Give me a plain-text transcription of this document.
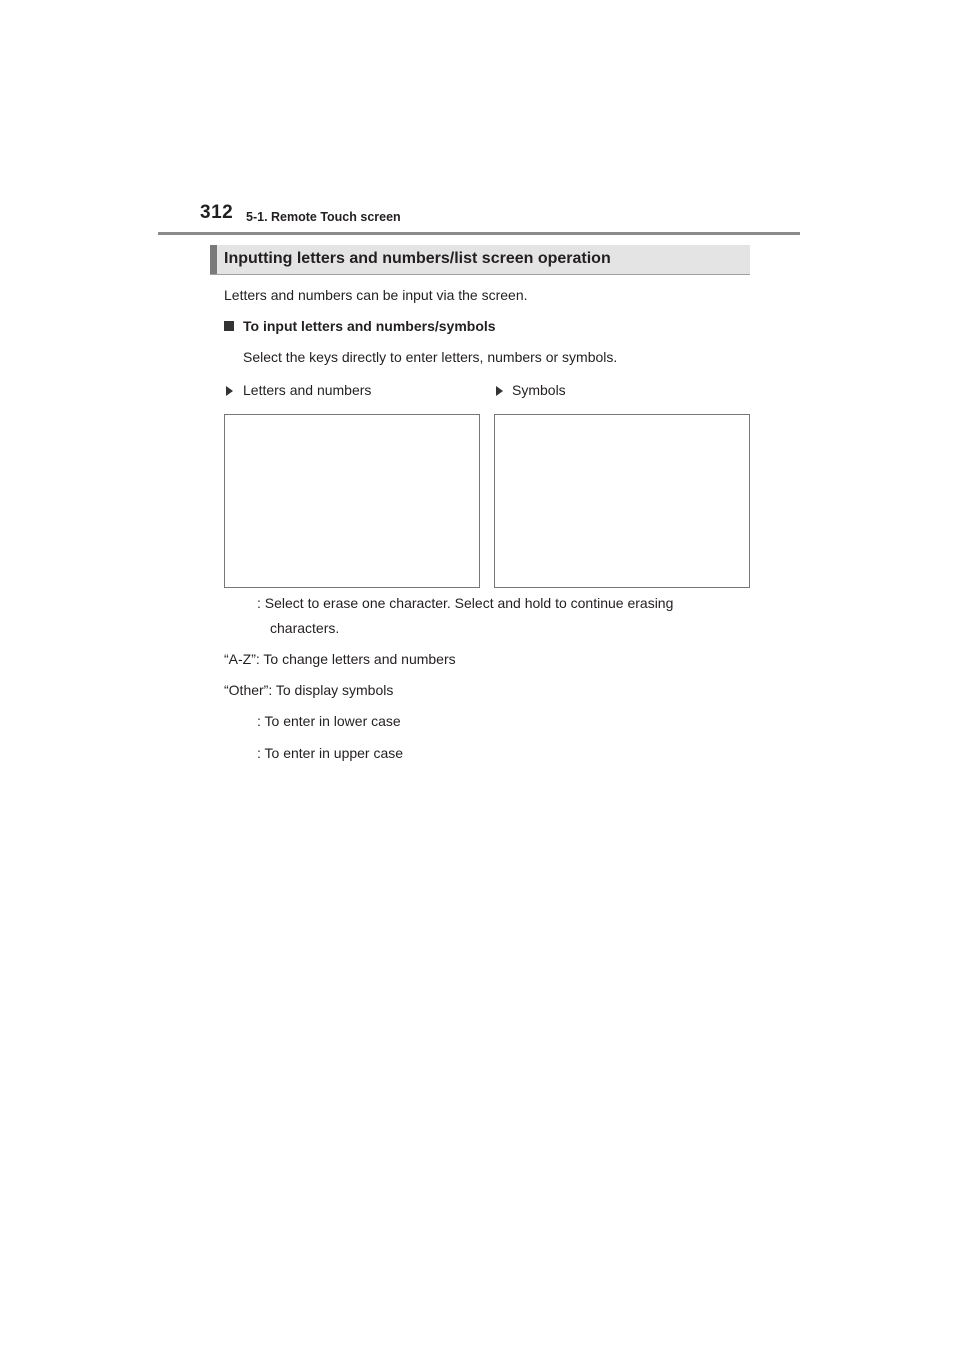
312 5-1. Remote Touch screen
Inputting letters and numbers/list screen operation
Letters and numbers can be input via the screen.
To input letters and numbers/symbols
Select the keys directly to enter letters, numbers or symbols.
Letters and numbers	Symbols
: Select to erase one character. Select and hold to continue erasing
characters.
“A-Z”: To change letters and numbers
“Other”: To display symbols
: To enter in lower case
: To enter in upper case
